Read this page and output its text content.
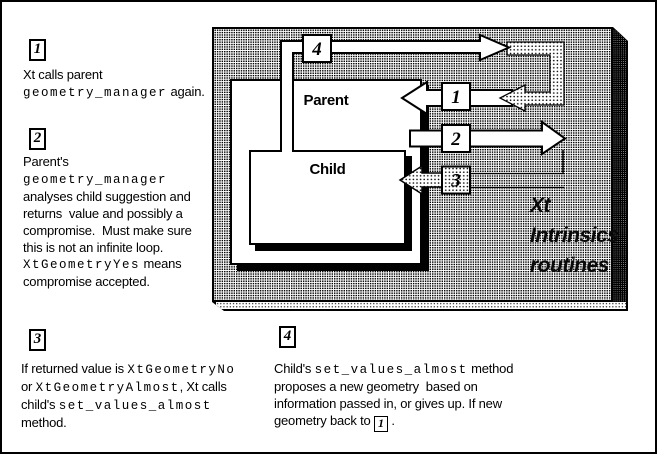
Parent
Child
Xt
Intrinsics
routines
4
1
2
3
1
2
3	4
Xt calls parent
geometry_manager again.
Parent's
geometry_manager
analyses child suggestion and
returns  value and possibly a
compromise.  Must make sure
this is not an infinite loop.
XtGeometryYes means
compromise accepted.
If returned value is XtGeometryNo
or XtGeometryAlmost, Xt calls
child's set_values_almost
method.
Child's set_values_almost method
proposes a new geometry  based on
information passed in, or gives up. If new
geometry back to 1 .
